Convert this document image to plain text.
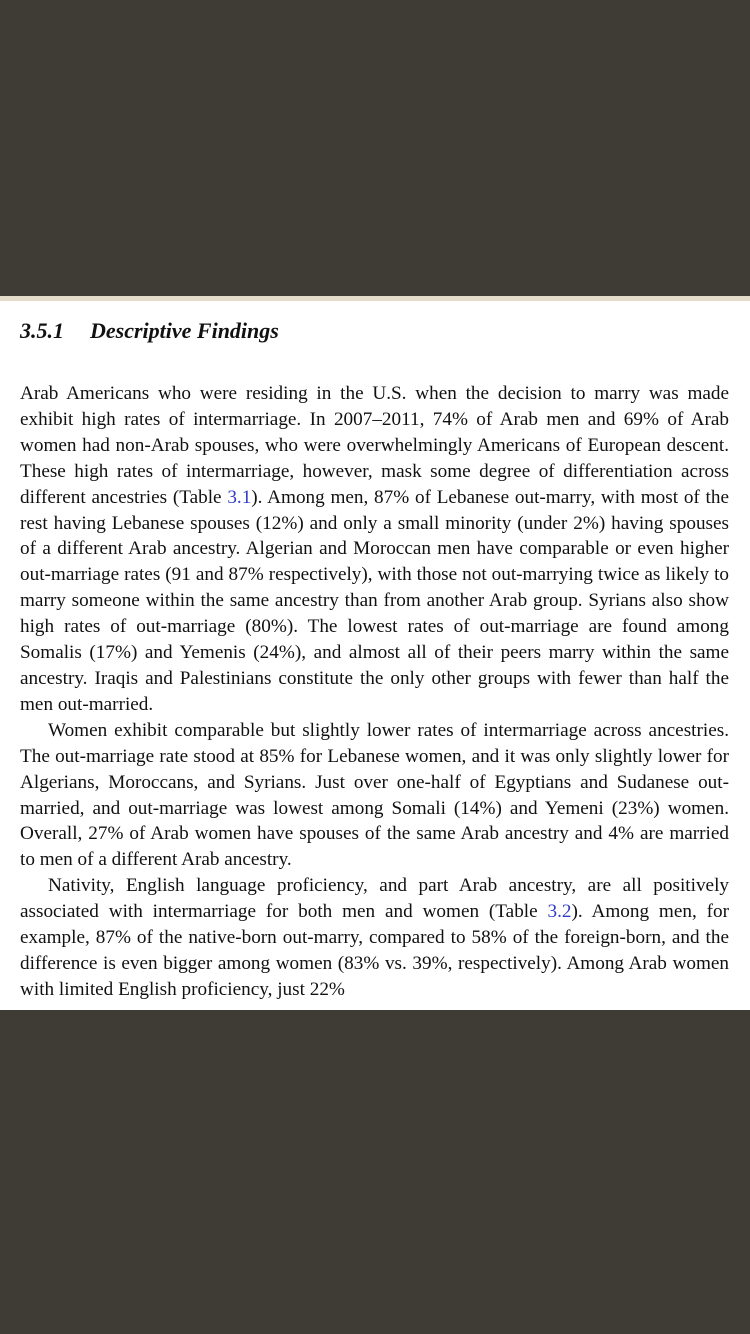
3.5.1 Descriptive Findings

Arab Americans who were residing in the U.S. when the decision to marry was made exhibit high rates of intermarriage. In 2007–2011, 74% of Arab men and 69% of Arab women had non-Arab spouses, who were overwhelmingly Americans of European descent. These high rates of intermarriage, however, mask some degree of differentiation across different ancestries (Table 3.1). Among men, 87% of Lebanese out-marry, with most of the rest having Lebanese spouses (12%) and only a small minority (under 2%) having spouses of a different Arab ancestry. Algerian and Moroccan men have comparable or even higher out-marriage rates (91 and 87% respectively), with those not out-marrying twice as likely to marry someone within the same ancestry than from another Arab group. Syrians also show high rates of out-marriage (80%). The lowest rates of out-marriage are found among Somalis (17%) and Yemenis (24%), and almost all of their peers marry within the same ancestry. Iraqis and Palestinians constitute the only other groups with fewer than half the men out-married.

Women exhibit comparable but slightly lower rates of intermarriage across ancestries. The out-marriage rate stood at 85% for Lebanese women, and it was only slightly lower for Algerians, Moroccans, and Syrians. Just over one-half of Egyptians and Sudanese out-married, and out-marriage was lowest among Somali (14%) and Yemeni (23%) women. Overall, 27% of Arab women have spouses of the same Arab ancestry and 4% are married to men of a different Arab ancestry.

Nativity, English language proficiency, and part Arab ancestry, are all positively associated with intermarriage for both men and women (Table 3.2). Among men, for example, 87% of the native-born out-marry, compared to 58% of the foreign-born, and the difference is even bigger among women (83% vs. 39%, respectively). Among Arab women with limited English proficiency, just 22%
